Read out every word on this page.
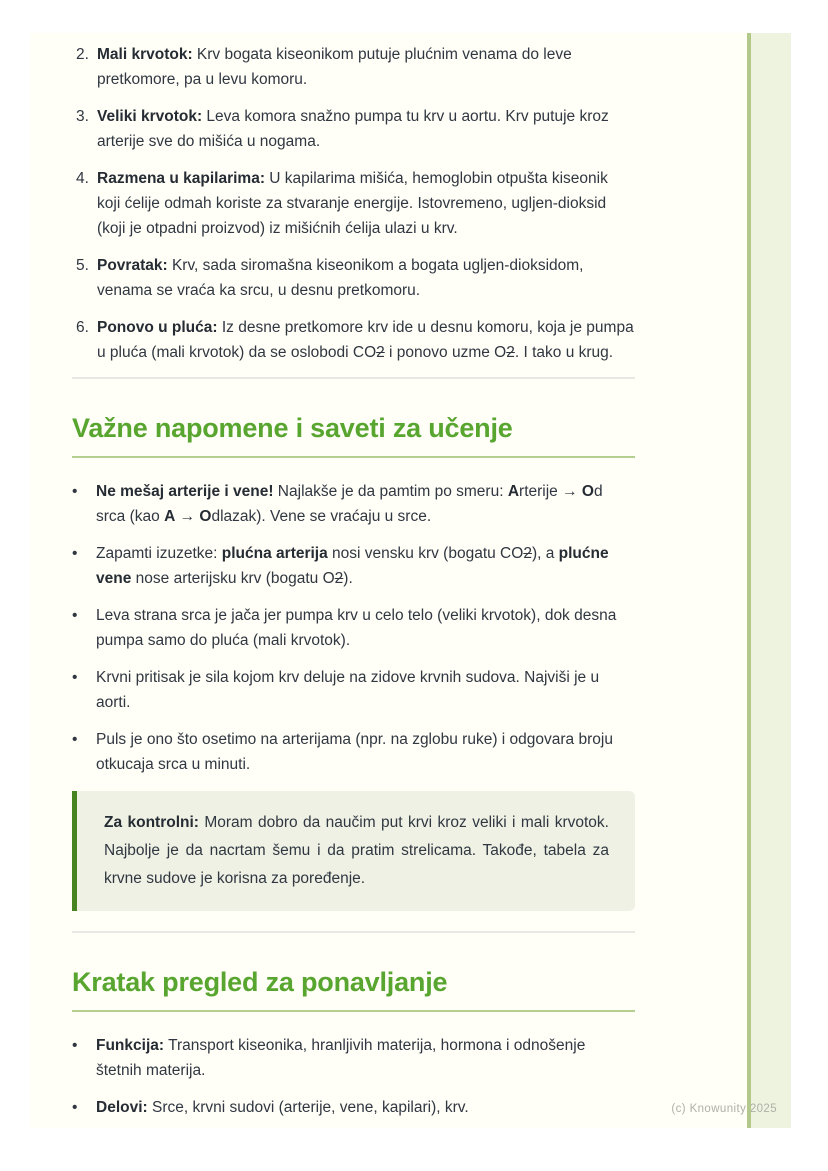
2. Mali krvotok: Krv bogata kiseonikom putuje plućnim venama do leve pretkomore, pa u levu komoru.
3. Veliki krvotok: Leva komora snažno pumpa tu krv u aortu. Krv putuje kroz arterije sve do mišića u nogama.
4. Razmena u kapilarima: U kapilarima mišića, hemoglobin otpušta kiseonik koji ćelije odmah koriste za stvaranje energije. Istovremeno, ugljen-dioksid (koji je otpadni proizvod) iz mišićnih ćelija ulazi u krv.
5. Povratak: Krv, sada siromašna kiseonikom a bogata ugljen-dioksidom, venama se vraća ka srcu, u desnu pretkomoru.
6. Ponovo u pluća: Iz desne pretkomore krv ide u desnu komoru, koja je pumpa u pluća (mali krvotok) da se oslobodi CO2 i ponovo uzme O2. I tako u krug.
Važne napomene i saveti za učenje
•	Ne mešaj arterije i vene! Najlakše je da pamtim po smeru: Arterije → Od srca (kao A → Odlazak). Vene se vraćaju u srce.
•	Zapamti izuzetke: plućna arterija nosi vensku krv (bogatu CO2), a plućne vene nose arterijsku krv (bogatu O2).
•	Leva strana srca je jača jer pumpa krv u celo telo (veliki krvotok), dok desna pumpa samo do pluća (mali krvotok).
•	Krvni pritisak je sila kojom krv deluje na zidove krvnih sudova. Najviši je u aorti.
•	Puls je ono što osetimo na arterijama (npr. na zglobu ruke) i odgovara broju otkucaja srca u minuti.
Za kontrolni: Moram dobro da naučim put krvi kroz veliki i mali krvotok. Najbolje je da nacrtam šemu i da pratim strelicama. Takođe, tabela za krvne sudove je korisna za poređenje.
Kratak pregled za ponavljanje
•	Funkcija: Transport kiseonika, hranljivih materija, hormona i odnošenje štetnih materija.
•	Delovi: Srce, krvni sudovi (arterije, vene, kapilari), krv.	(c) Knowunity 2025
